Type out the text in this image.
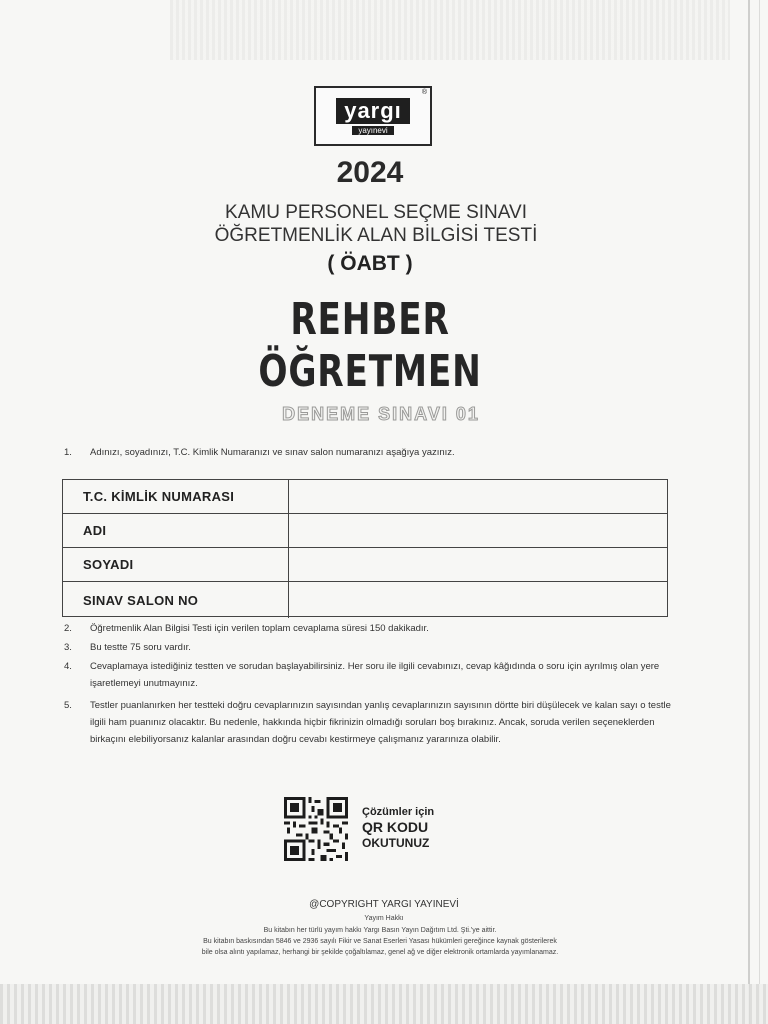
®
yargı
yayınevi
2024
KAMU PERSONEL SEÇME SINAVI
ÖĞRETMENLİK ALAN BİLGİSİ TESTİ
( ÖABT )
REHBER
ÖĞRETMEN
DENEME SINAVI 01
1. Adınızı, soyadınızı, T.C. Kimlik Numaranızı ve sınav salon numaranızı aşağıya yazınız.
T.C. KİMLİK NUMARASI
ADI
SOYADI
SINAV SALON NO
2. Öğretmenlik Alan Bilgisi Testi için verilen toplam cevaplama süresi 150 dakikadır.
3. Bu testte 75 soru vardır.
4. Cevaplamaya istediğiniz testten ve sorudan başlayabilirsiniz. Her soru ile ilgili cevabınızı, cevap kâğıdında o soru için ayrılmış olan yere işaretlemeyi unutmayınız.
5. Testler puanlanırken her testteki doğru cevaplarınızın sayısından yanlış cevaplarınızın sayısının dörtte biri düşülecek ve kalan sayı o testle ilgili ham puanınız olacaktır. Bu nedenle, hakkında hiçbir fikrinizin olmadığı soruları boş bırakınız. Ancak, soruda verilen seçeneklerden birkaçını elebiliyorsanız kalanlar arasından doğru cevabı kestirmeye çalışmanız yararınıza olabilir.
Çözümler için
QR KODU
OKUTUNUZ
@COPYRIGHT YARGI YAYINEVİ
Yayım Hakkı
Bu kitabın her türlü yayım hakkı Yargı Basın Yayın Dağıtım Ltd. Şti.'ye aittir.
Bu kitabın baskısından 5846 ve 2936 sayılı Fikir ve Sanat Eserleri Yasası hükümleri gereğince kaynak gösterilerek
bile olsa alıntı yapılamaz, herhangi bir şekilde çoğaltılamaz, genel ağ ve diğer elektronik ortamlarda yayımlanamaz.
